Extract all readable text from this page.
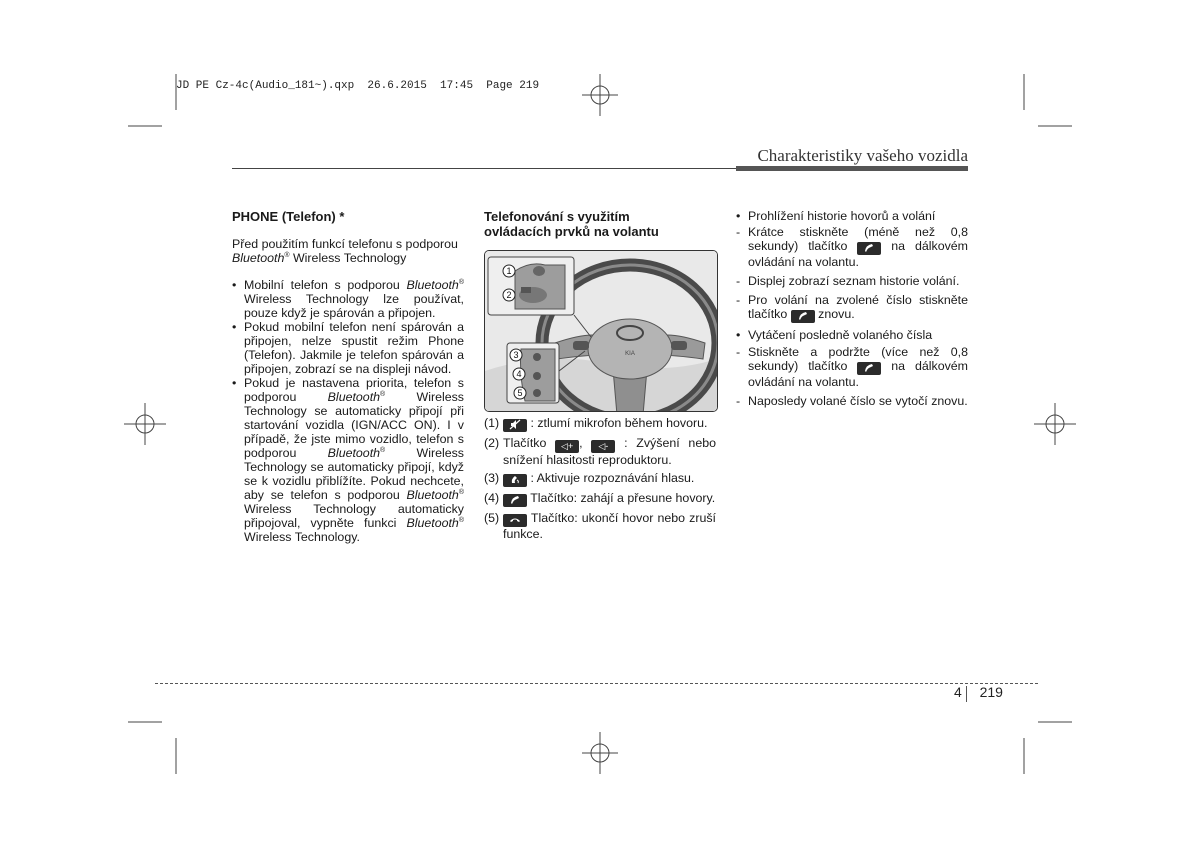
JD PE Cz-4c(Audio_181~).qxp  26.6.2015  17:45  Page 219
Charakteristiky vašeho vozidla

PHONE (Telefon) *

Před použitím funkcí telefonu s podporou
Bluetooth® Wireless Technology

• Mobilní telefon s podporou Bluetooth® Wireless Technology lze používat, pouze když je spárován a připojen.
• Pokud mobilní telefon není spárován a připojen, nelze spustit režim Phone (Telefon). Jakmile je telefon spárován a připojen, zobrazí se na displeji návod.
• Pokud je nastavena priorita, telefon s podporou Bluetooth® Wireless Technology se automaticky připojí při startování vozidla (IGN/ACC ON). I v případě, že jste mimo vozidlo, telefon s podporou Bluetooth® Wireless Technology se automaticky připojí, když se k vozidlu přiblížíte. Pokud nechcete, aby se telefon s podporou Bluetooth® Wireless Technology automaticky připojoval, vypněte funkci Bluetooth® Wireless Technology.

Telefonování s využitím
ovládacích prvků na volantu

KIA
1
2
3
4
5
(1) : ztlumí mikrofon během hovoru.
(2) Tlačítko ◁+ , ◁- : Zvýšení nebo snížení hlasitosti reproduktoru.
(3) : Aktivuje rozpoznávání hlasu.
(4) Tlačítko: zahájí a přesune hovory.
(5) Tlačítko: ukončí hovor nebo zruší funkce.
• Prohlížení historie hovorů a volání
- Krátce stiskněte (méně než 0,8 sekundy) tlačítko  na dálkovém ovládání na volantu.
- Displej zobrazí seznam historie volání.
- Pro volání na zvolené číslo stiskněte tlačítko  znovu.
• Vytáčení posledně volaného čísla
- Stiskněte a podržte (více než 0,8 sekundy) tlačítko  na dálkovém ovládání na volantu.
- Naposledy volané číslo se vytočí znovu.
4 219
